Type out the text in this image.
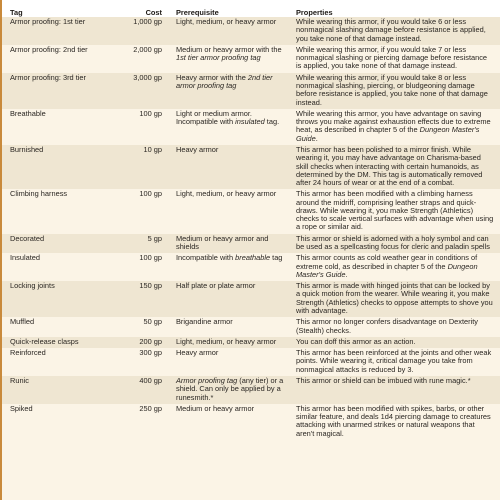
Tag	Cost	Prerequisite	Properties
Armor proofing: 1st tier	1,000 gp	Light, medium, or heavy armor	While wearing this armor, if you would take 6 or less nonmagical slashing damage before resistance is applied, you take none of that damage instead.
Armor proofing: 2nd tier	2,000 gp	Medium or heavy armor with the 1st tier armor proofing tag	While wearing this armor, if you would take 7 or less nonmagical slashing or piercing damage before resistance is applied, you take none of that damage instead.
Armor proofing: 3rd tier	3,000 gp	Heavy armor with the 2nd tier armor proofing tag	While wearing this armor, if you would take 8 or less nonmagical slashing, piercing, or bludgeoning damage before resistance is applied, you take none of that damage instead.
Breathable	100 gp	Light or medium armor. Incompatible with insulated tag.	While wearing this armor, you have advantage on saving throws you make against exhaustion effects due to extreme heat, as described in chapter 5 of the Dungeon Master's Guide.
Burnished	10 gp	Heavy armor	This armor has been polished to a mirror finish. While wearing it, you may have advantage on Charisma-based skill checks when interacting with certain humanoids, as determined by the DM. This tag is automatically removed after 24 hours of wear or at the end of a combat.
Climbing harness	100 gp	Light, medium, or heavy armor	This armor has been modified with a climbing harness around the midriff, comprising leather straps and quick-draws. While wearing it, you make Strength (Athletics) checks to scale vertical surfaces with advantage when using a rope or similar aid.
Decorated	5 gp	Medium or heavy armor and shields	This armor or shield is adorned with a holy symbol and can be used as a spellcasting focus for cleric and paladin spells
Insulated	100 gp	Incompatible with breathable tag	This armor counts as cold weather gear in conditions of extreme cold, as described in chapter 5 of the Dungeon Master's Guide.
Locking joints	150 gp	Half plate or plate armor	This armor is made with hinged joints that can be locked by a quick motion from the wearer. While wearing it, you make Strength (Athletics) checks to oppose attempts to shove you with advantage.
Muffled	50 gp	Brigandine armor	This armor no longer confers disadvantage on Dexterity (Stealth) checks.
Quick-release clasps	200 gp	Light, medium, or heavy armor	You can doff this armor as an action.
Reinforced	300 gp	Heavy armor	This armor has been reinforced at the joints and other weak points. While wearing it, critical damage you take from nonmagical attacks is reduced by 3.
Runic	400 gp	Armor proofing tag (any tier) or a shield. Can only be applied by a runesmith.*	This armor or shield can be imbued with rune magic.*
Spiked	250 gp	Medium or heavy armor	This armor has been modified with spikes, barbs, or other similar feature, and deals 1d4 piercing damage to creatures attacking with unarmed strikes or natural weapons that aren't magical.
